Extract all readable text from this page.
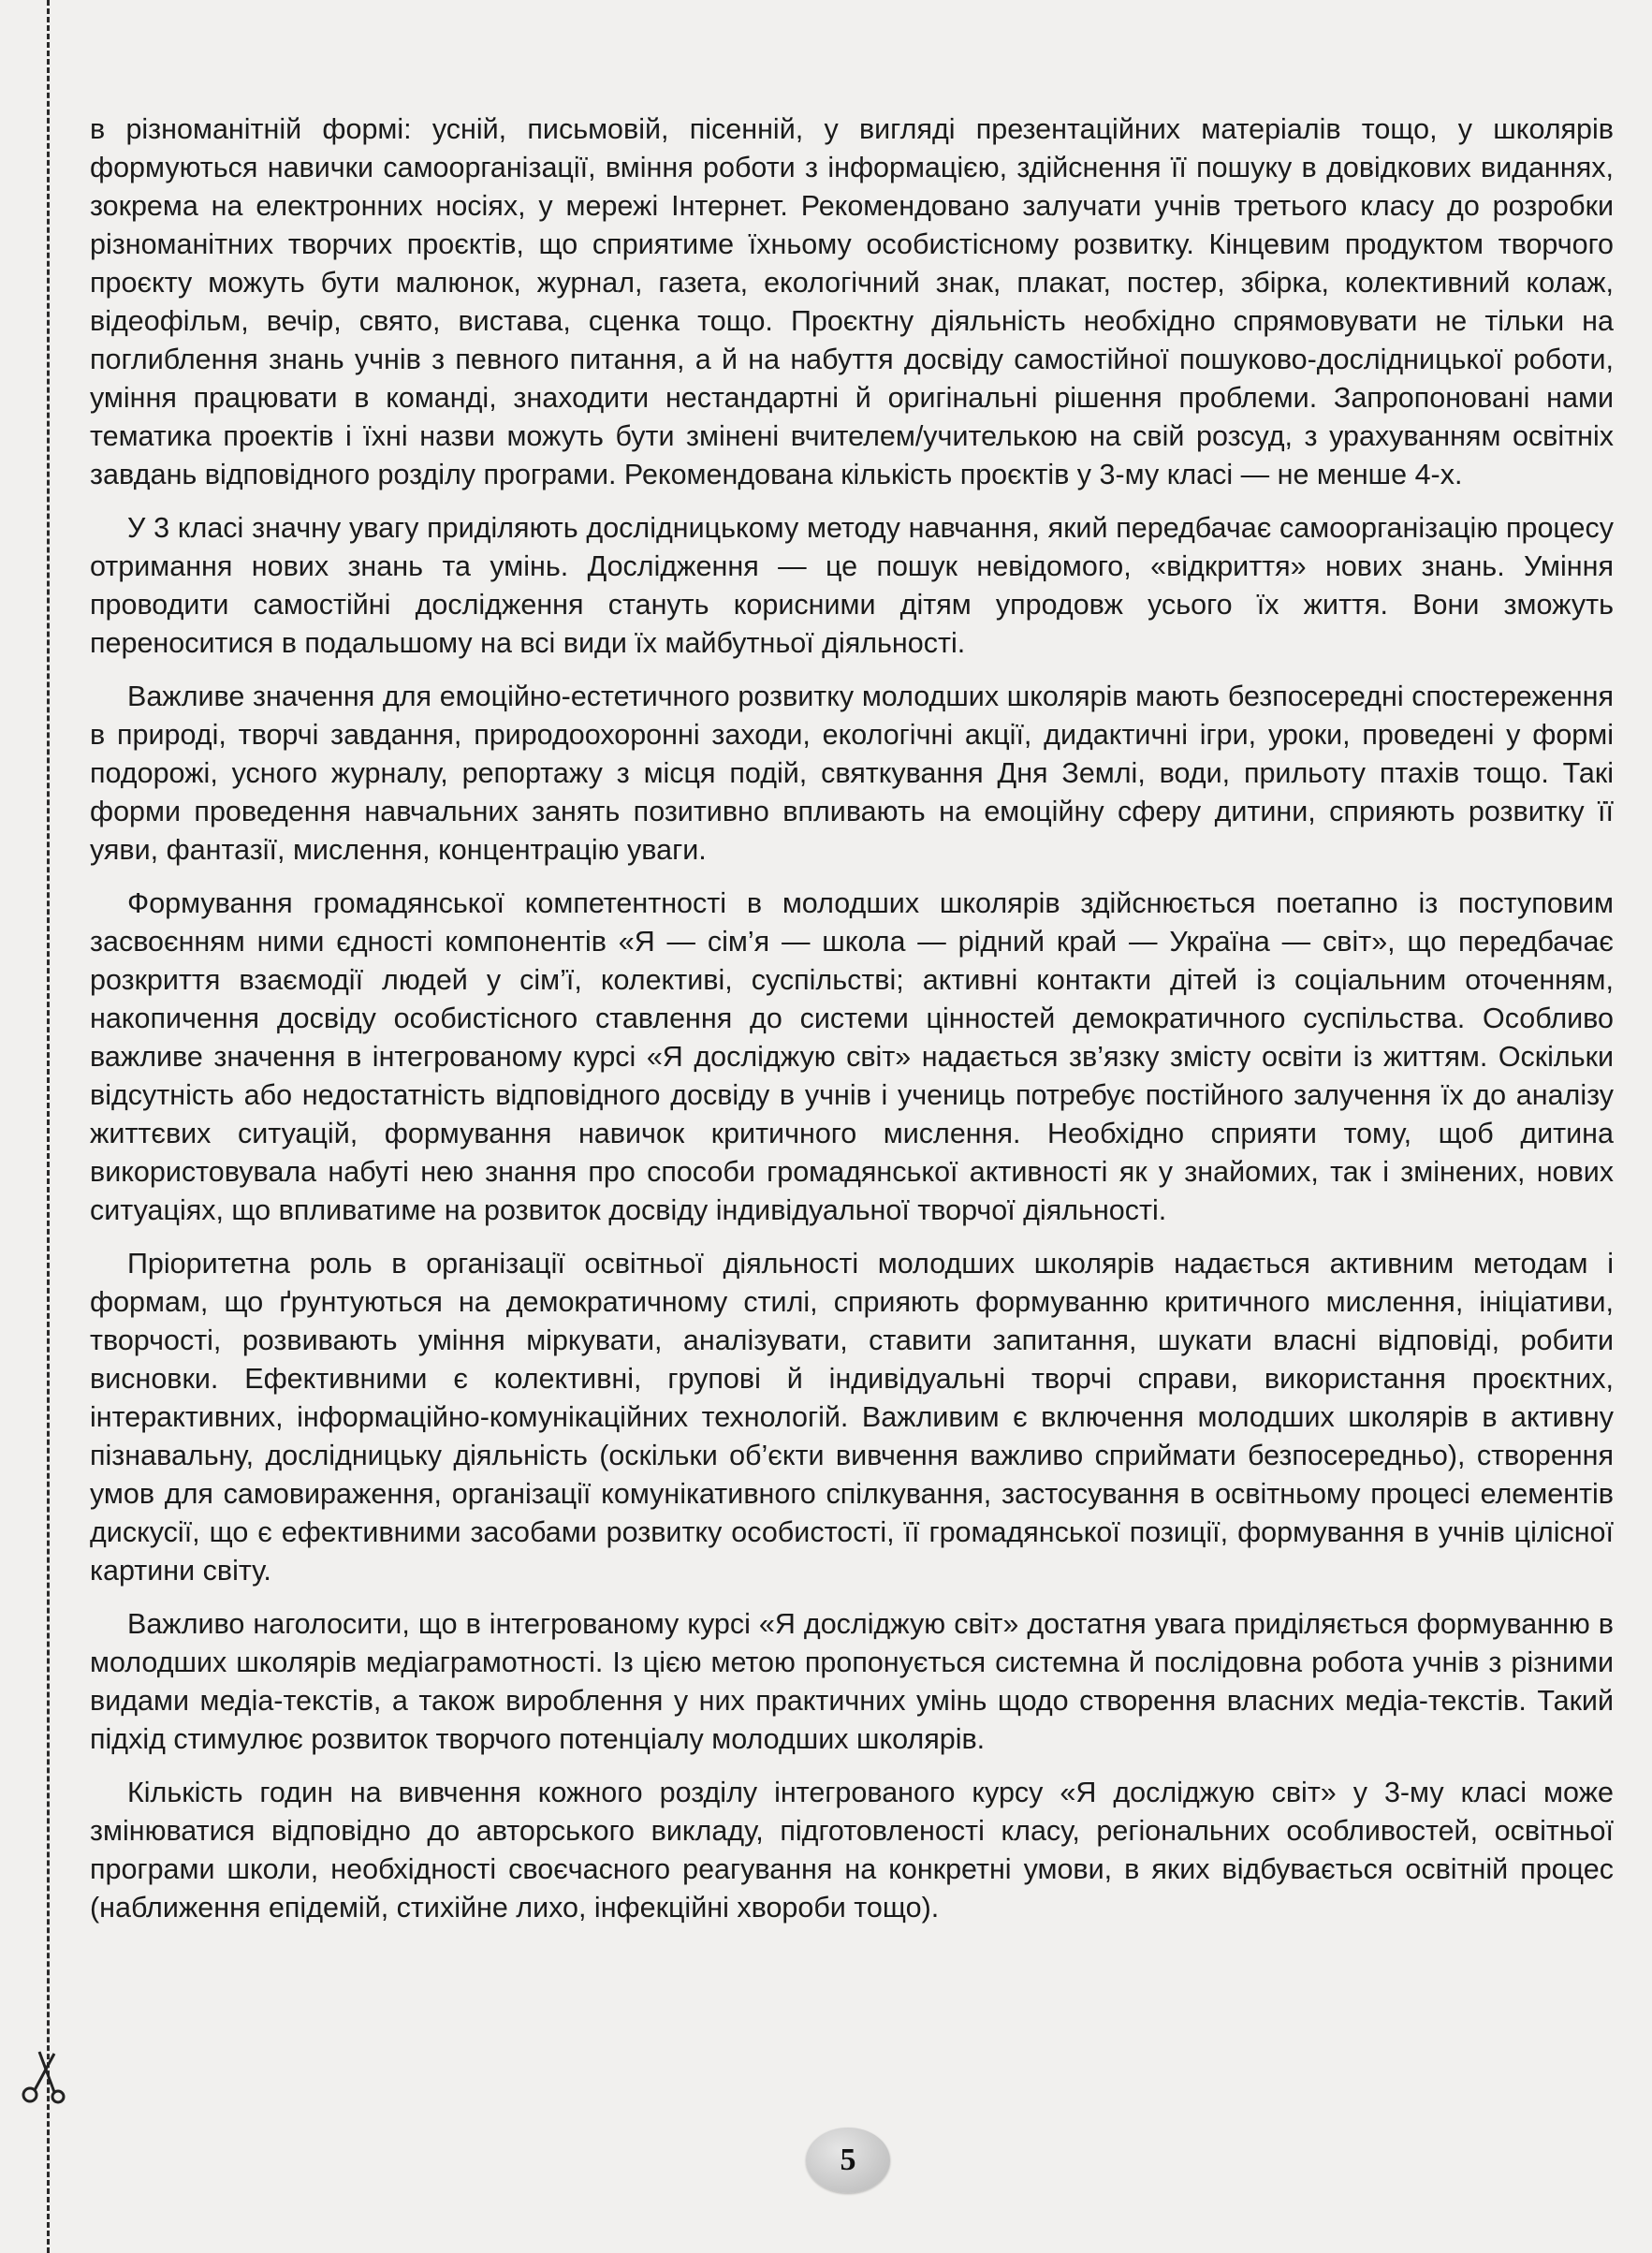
в різноманітній формі: усній, письмовій, пісенній, у вигляді презентаційних матеріалів тощо, у школярів формуються навички самоорганізації, вміння роботи з інформацією, здійснення її пошуку в довідкових виданнях, зокрема на електронних носіях, у мережі Інтернет. Рекомендовано залучати учнів третього класу до розробки різноманітних творчих проєктів, що сприятиме їхньому особистісному розвитку. Кінцевим продуктом творчого проєкту можуть бути малюнок, журнал, газета, екологічний знак, плакат, постер, збірка, колективний колаж, відеофільм, вечір, свято, вистава, сценка тощо. Проєктну діяльність необхідно спрямовувати не тільки на поглиблення знань учнів з певного питання, а й на набуття досвіду самостійної пошуково-дослідницької роботи, уміння працювати в команді, знаходити нестандартні й оригінальні рішення проблеми. Запропоновані нами тематика проектів і їхні назви можуть бути змінені вчителем/учителькою на свій розсуд, з урахуванням освітніх завдань відповідного розділу програми. Рекомендована кількість проєктів у 3-му класі — не менше 4-х.

У 3 класі значну увагу приділяють дослідницькому методу навчання, який передбачає самоорганізацію процесу отримання нових знань та умінь. Дослідження — це пошук невідомого, «відкриття» нових знань. Уміння проводити самостійні дослідження стануть корисними дітям упродовж усього їх життя. Вони зможуть переноситися в подальшому на всі види їх майбутньої діяльності.

Важливе значення для емоційно-естетичного розвитку молодших школярів мають безпосередні спостереження в природі, творчі завдання, природоохоронні заходи, екологічні акції, дидактичні ігри, уроки, проведені у формі подорожі, усного журналу, репортажу з місця подій, святкування Дня Землі, води, прильоту птахів тощо. Такі форми проведення навчальних занять позитивно впливають на емоційну сферу дитини, сприяють розвитку її уяви, фантазії, мислення, концентрацію уваги.

Формування громадянської компетентності в молодших школярів здійснюється поетапно із поступовим засвоєнням ними єдності компонентів «Я — сім’я — школа — рідний край — Україна — світ», що передбачає розкриття взаємодії людей у сім’ї, колективі, суспільстві; активні контакти дітей із соціальним оточенням, накопичення досвіду особистісного ставлення до системи цінностей демократичного суспільства. Особливо важливе значення в інтегрованому курсі «Я досліджую світ» надається зв’язку змісту освіти із життям. Оскільки відсутність або недостатність відповідного досвіду в учнів і учениць потребує постійного залучення їх до аналізу життєвих ситуацій, формування навичок критичного мислення. Необхідно сприяти тому, щоб дитина використовувала набуті нею знання про способи громадянської активності як у знайомих, так і змінених, нових ситуаціях, що впливатиме на розвиток досвіду індивідуальної творчої діяльності.

Пріоритетна роль в організації освітньої діяльності молодших школярів надається активним методам і формам, що ґрунтуються на демократичному стилі, сприяють формуванню критичного мислення, ініціативи, творчості, розвивають уміння міркувати, аналізувати, ставити запитання, шукати власні відповіді, робити висновки. Ефективними є колективні, групові й індивідуальні творчі справи, використання проєктних, інтерактивних, інформаційно-комунікаційних технологій. Важливим є включення молодших школярів в активну пізнавальну, дослідницьку діяльність (оскільки об’єкти вивчення важливо сприймати безпосередньо), створення умов для самовираження, організації комунікативного спілкування, застосування в освітньому процесі елементів дискусії, що є ефективними засобами розвитку особистості, її громадянської позиції, формування в учнів цілісної картини світу.

Важливо наголосити, що в інтегрованому курсі «Я досліджую світ» достатня увага приділяється формуванню в молодших школярів медіаграмотності. Із цією метою пропонується системна й послідовна робота учнів з різними видами медіа-текстів, а також вироблення у них практичних умінь щодо створення власних медіа-текстів. Такий підхід стимулює розвиток творчого потенціалу молодших школярів.

Кількість годин на вивчення кожного розділу інтегрованого курсу «Я досліджую світ» у 3-му класі може змінюватися відповідно до авторського викладу, підготовленості класу, регіональних особливостей, освітньої програми школи, необхідності своєчасного реагування на конкретні умови, в яких відбувається освітній процес (наближення епідемій, стихійне лихо, інфекційні хвороби тощо).

5
